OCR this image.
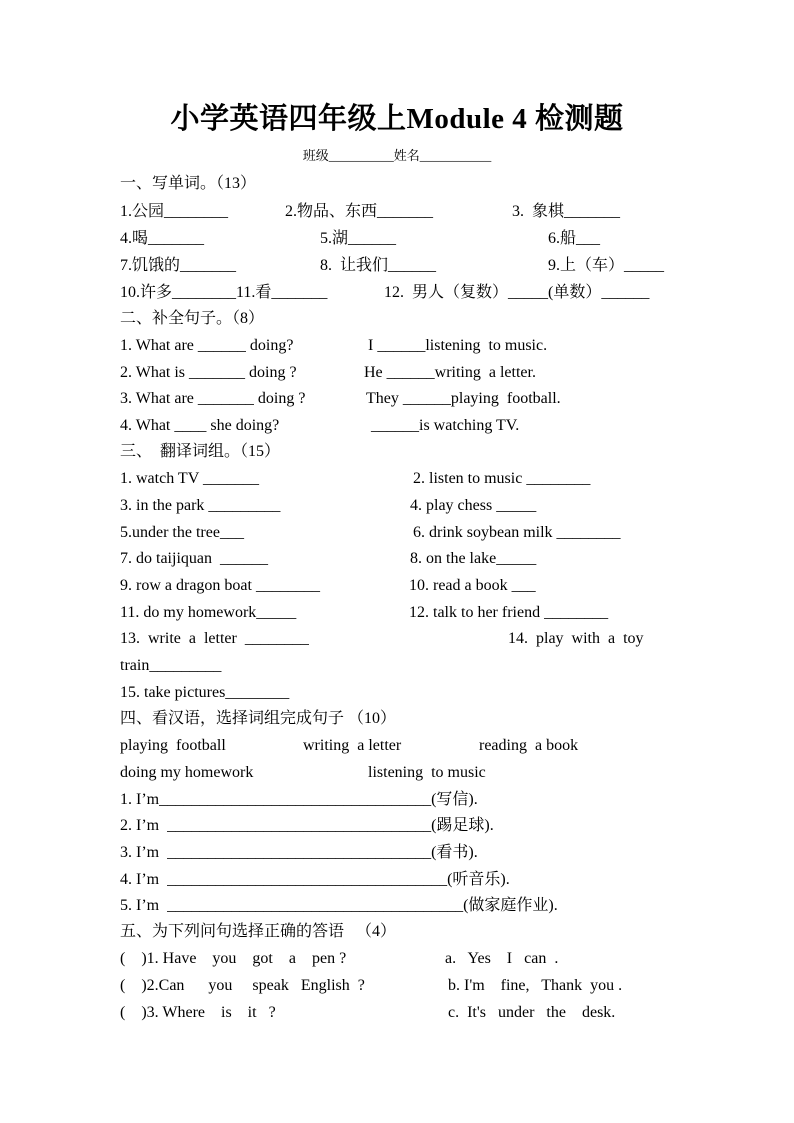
小学英语四年级上Module 4 检测题
班级__________姓名___________
一、写单词。（13）
1.公园________	2.物品、东西_______	3.  象棋_______
4.喝_______	5.湖______	6.船___
7.饥饿的_______	8.  让我们______	9.上（车）_____
10.许多________11.看_______	12.  男人（复数）_____(单数）______
二、补全句子。（8）
1. What are ______ doing?	I ______listening  to music.
2. What is _______ doing ?	He ______writing  a letter.
3. What are _______ doing ?	They ______playing  football.
4. What ____ she doing?	______is watching TV.
三、  翻译词组。（15）
1. watch TV _______	2. listen to music ________
3. in the park _________	4. play chess _____
5.under the tree___	6. drink soybean milk ________
7. do taijiquan  ______	8. on the lake_____
9. row a dragon boat ________	10. read a book ___
11. do my homework_____	12. talk to her friend ________
13.  write  a  letter  ________	14.  play  with  a  toy
train_________
15. take pictures________
四、看汉语，选择词组完成句子 （10）
playing  football	writing  a letter	reading  a book
doing my homework	listening  to music
1. I’m__________________________________(写信).
2. I’m  _________________________________(踢足球).
3. I’m  _________________________________(看书).
4. I’m  ___________________________________(听音乐).
5. I’m  _____________________________________(做家庭作业).
五、为下列问句选择正确的答语   （4）
(    )1. Have    you    got    a    pen ?	a.   Yes    I   can  .
(    )2.Can      you     speak   English  ?	b. I'm    fine,   Thank  you .
(    )3. Where    is    it   ?	c.  It's   under   the    desk.
